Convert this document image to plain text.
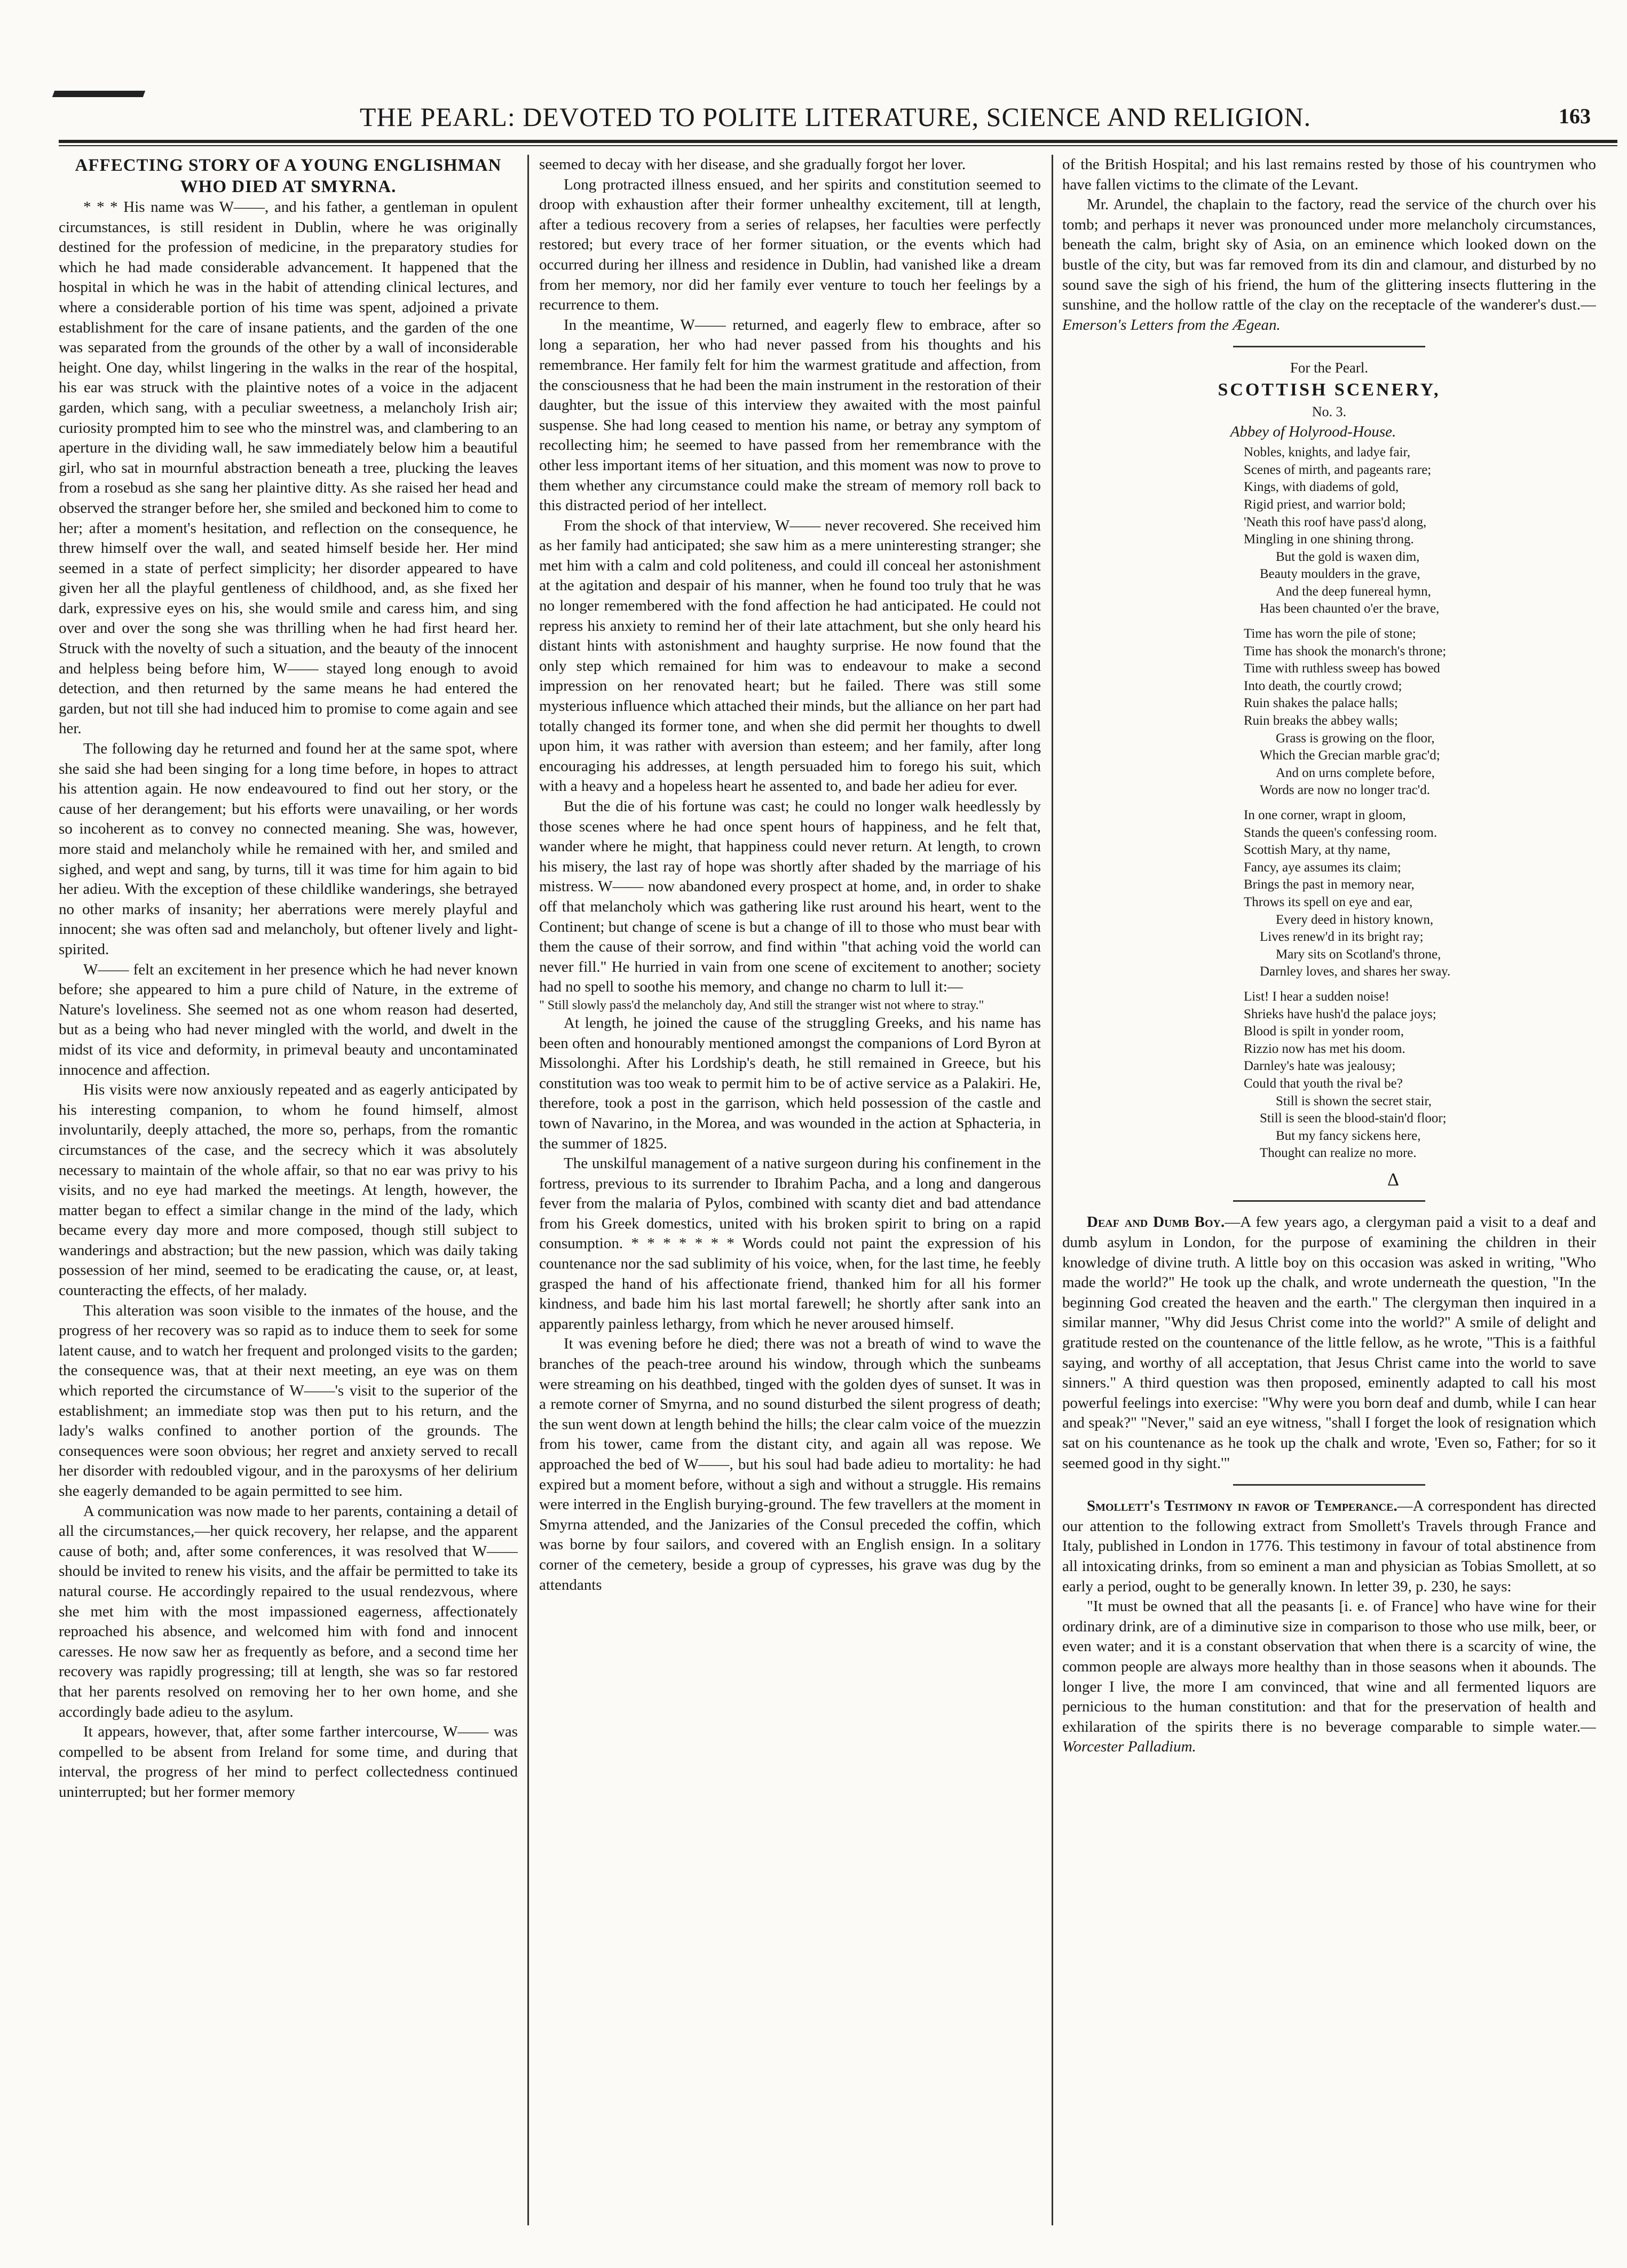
THE PEARL: DEVOTED TO POLITE LITERATURE, SCIENCE AND RELIGION.	163

AFFECTING STORY OF A YOUNG ENGLISHMAN WHO DIED AT SMYRNA.

* * * His name was W——, and his father, a gentleman in opulent circumstances, is still resident in Dublin, where he was originally destined for the profession of medicine, in the preparatory studies for which he had made considerable advancement. It happened that the hospital in which he was in the habit of attending clinical lectures, and where a considerable portion of his time was spent, adjoined a private establishment for the care of insane patients, and the garden of the one was separated from the grounds of the other by a wall of inconsiderable height. One day, whilst lingering in the walks in the rear of the hospital, his ear was struck with the plaintive notes of a voice in the adjacent garden, which sang, with a peculiar sweetness, a melancholy Irish air; curiosity prompted him to see who the minstrel was, and clambering to an aperture in the dividing wall, he saw immediately below him a beautiful girl, who sat in mournful abstraction beneath a tree, plucking the leaves from a rosebud as she sang her plaintive ditty. As she raised her head and observed the stranger before her, she smiled and beckoned him to come to her; after a moment's hesitation, and reflection on the consequence, he threw himself over the wall, and seated himself beside her. Her mind seemed in a state of perfect simplicity; her disorder appeared to have given her all the playful gentleness of childhood, and, as she fixed her dark, expressive eyes on his, she would smile and caress him, and sing over and over the song she was thrilling when he had first heard her. Struck with the novelty of such a situation, and the beauty of the innocent and helpless being before him, W—— stayed long enough to avoid detection, and then returned by the same means he had entered the garden, but not till she had induced him to promise to come again and see her.

The following day he returned and found her at the same spot, where she said she had been singing for a long time before, in hopes to attract his attention again. He now endeavoured to find out her story, or the cause of her derangement; but his efforts were unavailing, or her words so incoherent as to convey no connected meaning. She was, however, more staid and melancholy while he remained with her, and smiled and sighed, and wept and sang, by turns, till it was time for him again to bid her adieu. With the exception of these childlike wanderings, she betrayed no other marks of insanity; her aberrations were merely playful and innocent; she was often sad and melancholy, but oftener lively and light-spirited.

W—— felt an excitement in her presence which he had never known before; she appeared to him a pure child of Nature, in the extreme of Nature's loveliness. She seemed not as one whom reason had deserted, but as a being who had never mingled with the world, and dwelt in the midst of its vice and deformity, in primeval beauty and uncontaminated innocence and affection.

His visits were now anxiously repeated and as eagerly anticipated by his interesting companion, to whom he found himself, almost involuntarily, deeply attached, the more so, perhaps, from the romantic circumstances of the case, and the secrecy which it was absolutely necessary to maintain of the whole affair, so that no ear was privy to his visits, and no eye had marked the meetings. At length, however, the matter began to effect a similar change in the mind of the lady, which became every day more and more composed, though still subject to wanderings and abstraction; but the new passion, which was daily taking possession of her mind, seemed to be eradicating the cause, or, at least, counteracting the effects, of her malady.

This alteration was soon visible to the inmates of the house, and the progress of her recovery was so rapid as to induce them to seek for some latent cause, and to watch her frequent and prolonged visits to the garden; the consequence was, that at their next meeting, an eye was on them which reported the circumstance of W——'s visit to the superior of the establishment; an immediate stop was then put to his return, and the lady's walks confined to another portion of the grounds. The consequences were soon obvious; her regret and anxiety served to recall her disorder with redoubled vigour, and in the paroxysms of her delirium she eagerly demanded to be again permitted to see him.

A communication was now made to her parents, containing a detail of all the circumstances,—her quick recovery, her relapse, and the apparent cause of both; and, after some conferences, it was resolved that W—— should be invited to renew his visits, and the affair be permitted to take its natural course. He accordingly repaired to the usual rendezvous, where she met him with the most impassioned eagerness, affectionately reproached his absence, and welcomed him with fond and innocent caresses. He now saw her as frequently as before, and a second time her recovery was rapidly progressing; till at length, she was so far restored that her parents resolved on removing her to her own home, and she accordingly bade adieu to the asylum.

It appears, however, that, after some farther intercourse, W—— was compelled to be absent from Ireland for some time, and during that interval, the progress of her mind to perfect collectedness continued uninterrupted; but her former memory

seemed to decay with her disease, and she gradually forgot her lover.

Long protracted illness ensued, and her spirits and constitution seemed to droop with exhaustion after their former unhealthy excitement, till at length, after a tedious recovery from a series of relapses, her faculties were perfectly restored; but every trace of her former situation, or the events which had occurred during her illness and residence in Dublin, had vanished like a dream from her memory, nor did her family ever venture to touch her feelings by a recurrence to them.

In the meantime, W—— returned, and eagerly flew to embrace, after so long a separation, her who had never passed from his thoughts and his remembrance. Her family felt for him the warmest gratitude and affection, from the consciousness that he had been the main instrument in the restoration of their daughter, but the issue of this interview they awaited with the most painful suspense. She had long ceased to mention his name, or betray any symptom of recollecting him; he seemed to have passed from her remembrance with the other less important items of her situation, and this moment was now to prove to them whether any circumstance could make the stream of memory roll back to this distracted period of her intellect.

From the shock of that interview, W—— never recovered. She received him as her family had anticipated; she saw him as a mere uninteresting stranger; she met him with a calm and cold politeness, and could ill conceal her astonishment at the agitation and despair of his manner, when he found too truly that he was no longer remembered with the fond affection he had anticipated. He could not repress his anxiety to remind her of their late attachment, but she only heard his distant hints with astonishment and haughty surprise. He now found that the only step which remained for him was to endeavour to make a second impression on her renovated heart; but he failed. There was still some mysterious influence which attached their minds, but the alliance on her part had totally changed its former tone, and when she did permit her thoughts to dwell upon him, it was rather with aversion than esteem; and her family, after long encouraging his addresses, at length persuaded him to forego his suit, which with a heavy and a hopeless heart he assented to, and bade her adieu for ever.

But the die of his fortune was cast; he could no longer walk heedlessly by those scenes where he had once spent hours of happiness, and he felt that, wander where he might, that happiness could never return. At length, to crown his misery, the last ray of hope was shortly after shaded by the marriage of his mistress. W—— now abandoned every prospect at home, and, in order to shake off that melancholy which was gathering like rust around his heart, went to the Continent; but change of scene is but a change of ill to those who must bear with them the cause of their sorrow, and find within "that aching void the world can never fill." He hurried in vain from one scene of excitement to another; society had no spell to soothe his memory, and change no charm to lull it:—

" Still slowly pass'd the melancholy day, And still the stranger wist not where to stray."

At length, he joined the cause of the struggling Greeks, and his name has been often and honourably mentioned amongst the companions of Lord Byron at Missolonghi. After his Lordship's death, he still remained in Greece, but his constitution was too weak to permit him to be of active service as a Palakiri. He, therefore, took a post in the garrison, which held possession of the castle and town of Navarino, in the Morea, and was wounded in the action at Sphacteria, in the summer of 1825.

The unskilful management of a native surgeon during his confinement in the fortress, previous to its surrender to Ibrahim Pacha, and a long and dangerous fever from the malaria of Pylos, combined with scanty diet and bad attendance from his Greek domestics, united with his broken spirit to bring on a rapid consumption. * * * * * * * Words could not paint the expression of his countenance nor the sad sublimity of his voice, when, for the last time, he feebly grasped the hand of his affectionate friend, thanked him for all his former kindness, and bade him his last mortal farewell; he shortly after sank into an apparently painless lethargy, from which he never aroused himself.

It was evening before he died; there was not a breath of wind to wave the branches of the peach-tree around his window, through which the sunbeams were streaming on his deathbed, tinged with the golden dyes of sunset. It was in a remote corner of Smyrna, and no sound disturbed the silent progress of death; the sun went down at length behind the hills; the clear calm voice of the muezzin from his tower, came from the distant city, and again all was repose. We approached the bed of W——, but his soul had bade adieu to mortality: he had expired but a moment before, without a sigh and without a struggle. His remains were interred in the English burying-ground. The few travellers at the moment in Smyrna attended, and the Janizaries of the Consul preceded the coffin, which was borne by four sailors, and covered with an English ensign. In a solitary corner of the cemetery, beside a group of cypresses, his grave was dug by the attendants

of the British Hospital; and his last remains rested by those of his countrymen who have fallen victims to the climate of the Levant.

Mr. Arundel, the chaplain to the factory, read the service of the church over his tomb; and perhaps it never was pronounced under more melancholy circumstances, beneath the calm, bright sky of Asia, on an eminence which looked down on the bustle of the city, but was far removed from its din and clamour, and disturbed by no sound save the sigh of his friend, the hum of the glittering insects fluttering in the sunshine, and the hollow rattle of the clay on the receptacle of the wanderer's dust.—Emerson's Letters from the Ægean.

For the Pearl.

SCOTTISH SCENERY,

No. 3.

Abbey of Holyrood-House.

Nobles, knights, and ladye fair,
Scenes of mirth, and pageants rare;
Kings, with diadems of gold,
Rigid priest, and warrior bold;
'Neath this roof have pass'd along,
Mingling in one shining throng.
But the gold is waxen dim,
Beauty moulders in the grave,
And the deep funereal hymn,
Has been chaunted o'er the brave,
Time has worn the pile of stone;
Time has shook the monarch's throne;
Time with ruthless sweep has bowed
Into death, the courtly crowd;
Ruin shakes the palace halls;
Ruin breaks the abbey walls;
Grass is growing on the floor,
Which the Grecian marble grac'd;
And on urns complete before,
Words are now no longer trac'd.
In one corner, wrapt in gloom,
Stands the queen's confessing room.
Scottish Mary, at thy name,
Fancy, aye assumes its claim;
Brings the past in memory near,
Throws its spell on eye and ear,
Every deed in history known,
Lives renew'd in its bright ray;
Mary sits on Scotland's throne,
Darnley loves, and shares her sway.
List! I hear a sudden noise!
Shrieks have hush'd the palace joys;
Blood is spilt in yonder room,
Rizzio now has met his doom.
Darnley's hate was jealousy;
Could that youth the rival be?
Still is shown the secret stair,
Still is seen the blood-stain'd floor;
But my fancy sickens here,
Thought can realize no more.
Δ

Deaf and Dumb Boy.—A few years ago, a clergyman paid a visit to a deaf and dumb asylum in London, for the purpose of examining the children in their knowledge of divine truth. A little boy on this occasion was asked in writing, "Who made the world?" He took up the chalk, and wrote underneath the question, "In the beginning God created the heaven and the earth." The clergyman then inquired in a similar manner, "Why did Jesus Christ come into the world?" A smile of delight and gratitude rested on the countenance of the little fellow, as he wrote, "This is a faithful saying, and worthy of all acceptation, that Jesus Christ came into the world to save sinners." A third question was then proposed, eminently adapted to call his most powerful feelings into exercise: "Why were you born deaf and dumb, while I can hear and speak?" "Never," said an eye witness, "shall I forget the look of resignation which sat on his countenance as he took up the chalk and wrote, 'Even so, Father; for so it seemed good in thy sight.'"

Smollett's Testimony in favor of Temperance.—A correspondent has directed our attention to the following extract from Smollett's Travels through France and Italy, published in London in 1776. This testimony in favour of total abstinence from all intoxicating drinks, from so eminent a man and physician as Tobias Smollett, at so early a period, ought to be generally known. In letter 39, p. 230, he says:

"It must be owned that all the peasants [i. e. of France] who have wine for their ordinary drink, are of a diminutive size in comparison to those who use milk, beer, or even water; and it is a constant observation that when there is a scarcity of wine, the common people are always more healthy than in those seasons when it abounds. The longer I live, the more I am convinced, that wine and all fermented liquors are pernicious to the human constitution: and that for the preservation of health and exhilaration of the spirits there is no beverage comparable to simple water.—Worcester Palladium.
